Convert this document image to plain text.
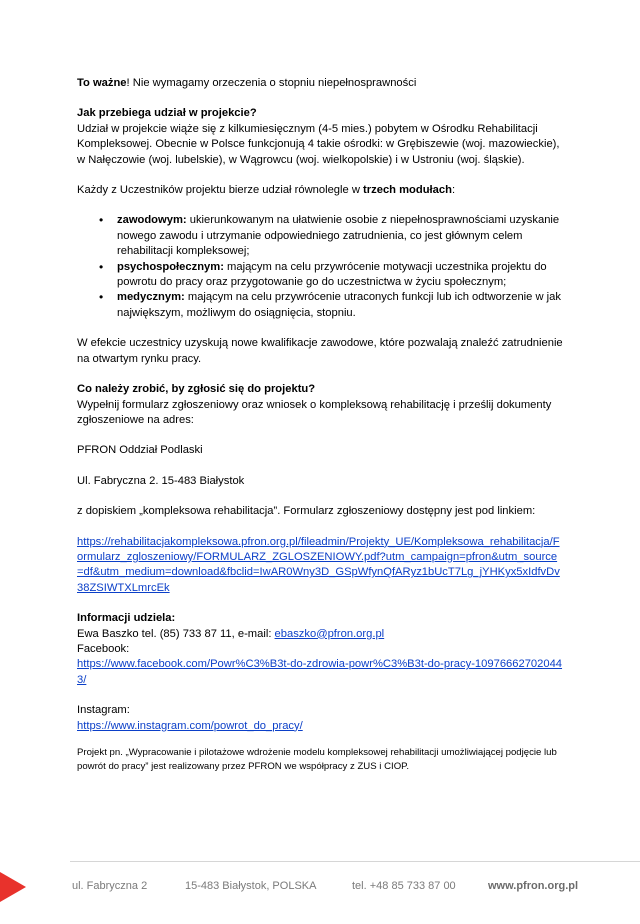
To ważne! Nie wymagamy orzeczenia o stopniu niepełnosprawności

Jak przebiega udział w projekcie?

Udział w projekcie wiąże się z kilkumiesięcznym (4-5 mies.) pobytem w Ośrodku Rehabilitacji Kompleksowej. Obecnie w Polsce funkcjonują 4 takie ośrodki: w Grębiszewie (woj. mazowieckie), w Nałęczowie (woj. lubelskie), w Wągrowcu (woj. wielkopolskie) i w Ustroniu (woj. śląskie).

Każdy z Uczestników projektu bierze udział równolegle w trzech modułach:

• zawodowym: ukierunkowanym na ułatwienie osobie z niepełnosprawnościami uzyskanie nowego zawodu i utrzymanie odpowiedniego zatrudnienia, co jest głównym celem rehabilitacji kompleksowej;
• psychospołecznym: mającym na celu przywrócenie motywacji uczestnika projektu do powrotu do pracy oraz przygotowanie go do uczestnictwa w życiu społecznym;
• medycznym: mającym na celu przywrócenie utraconych funkcji lub ich odtworzenie w jak największym, możliwym do osiągnięcia, stopniu.

W efekcie uczestnicy uzyskują nowe kwalifikacje zawodowe, które pozwalają znaleźć zatrudnienie na otwartym rynku pracy.

Co należy zrobić, by zgłosić się do projektu?

Wypełnij formularz zgłoszeniowy oraz wniosek o kompleksową rehabilitację i prześlij dokumenty zgłoszeniowe na adres:

PFRON Oddział Podlaski

Ul. Fabryczna 2. 15-483 Białystok

z dopiskiem „kompleksowa rehabilitacja”. Formularz zgłoszeniowy dostępny jest pod linkiem:

https://rehabilitacjakompleksowa.pfron.org.pl/fileadmin/Projekty_UE/Kompleksowa_rehabilitacja/Formularz_zgloszeniowy/FORMULARZ_ZGLOSZENIOWY.pdf?utm_campaign=pfron&utm_source=df&utm_medium=download&fbclid=IwAR0Wny3D_GSpWfynQfARyz1bUcT7Lg_jYHKyx5xIdfvDv38ZSIWTXLmrcEk

Informacji udziela:

Ewa Baszko tel. (85) 733 87 11, e-mail: ebaszko@pfron.org.pl

Facebook:

https://www.facebook.com/Powr%C3%B3t-do-zdrowia-powr%C3%B3t-do-pracy-109766627020443/

Instagram:

https://www.instagram.com/powrot_do_pracy/

Projekt pn. „Wypracowanie i pilotażowe wdrożenie modelu kompleksowej rehabilitacji umożliwiającej podjęcie lub powrót do pracy” jest realizowany przez PFRON we współpracy z ZUS i CIOP.

ul. Fabryczna 2	15-483 Białystok, POLSKA	tel. +48 85 733 87 00	www.pfron.org.pl
